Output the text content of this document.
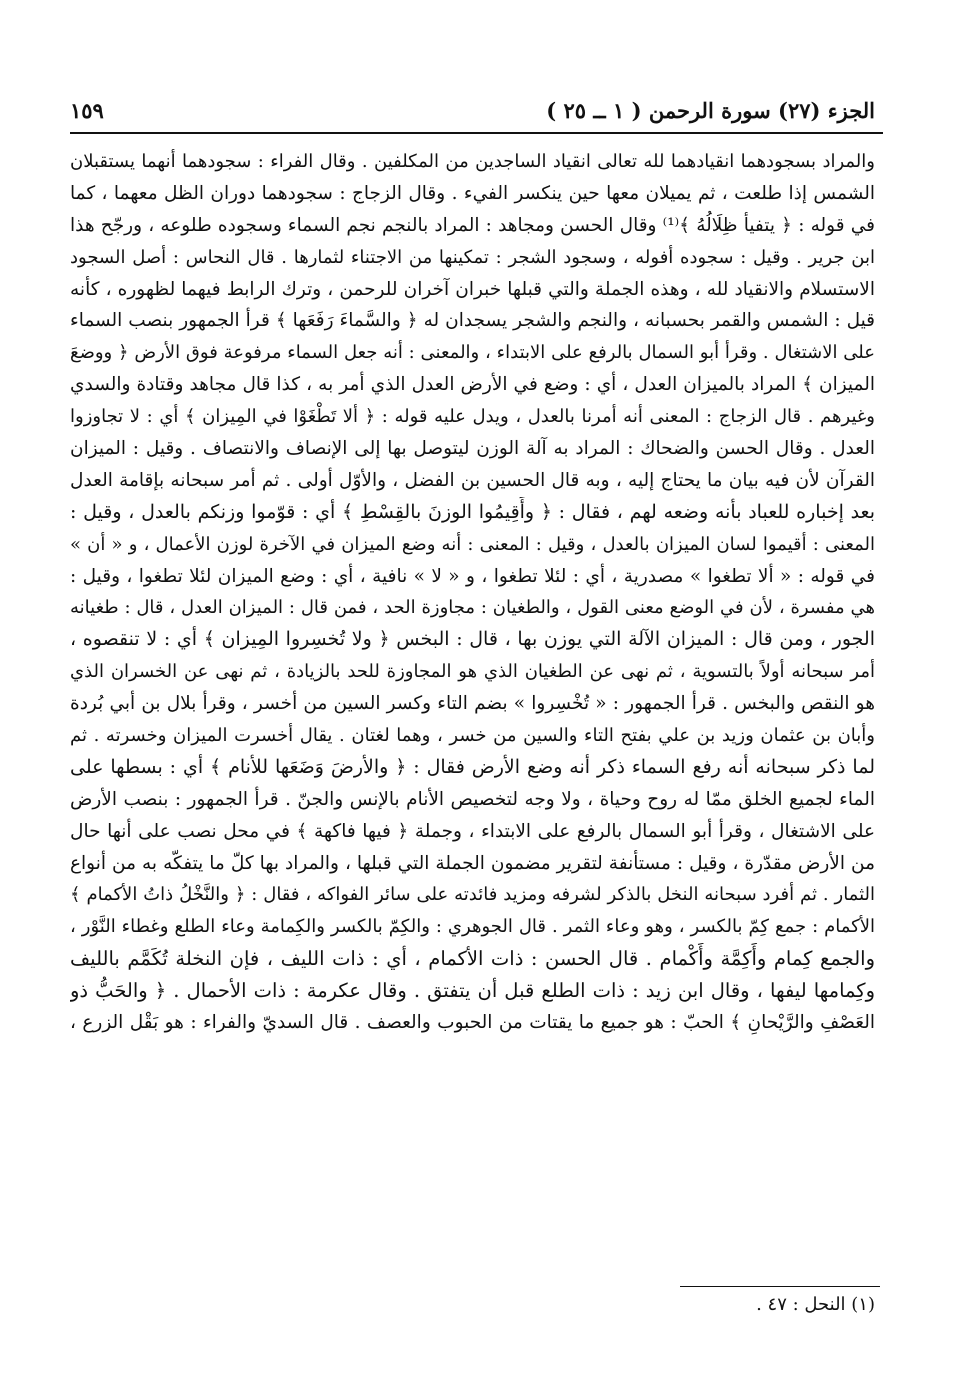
الجزء (٢٧) سورة الرحمن ( ١ ــ ٢٥ )
١٥٩
والمراد بسجودهما انقيادهما لله تعالى انقياد الساجدين من المكلفين . وقال الفراء : سجودهما أنهما يستقبلان
الشمس إذا طلعت ، ثم يميلان معها حين ينكسر الفيء . وقال الزجاج : سجودهما دوران الظل معهما ، كما
في قوله : ﴿ يتفيأ ظِلَالُهُ ﴾⁽¹⁾ وقال الحسن ومجاهد : المراد بالنجم نجم السماء وسجوده طلوعه ، ورجّح هذا
ابن جرير . وقيل : سجوده أفوله ، وسجود الشجر : تمكينها من الاجتناء لثمارها . قال النحاس : أصل السجود
الاستسلام والانقياد لله ، وهذه الجملة والتي قبلها خبران آخران للرحمن ، وترك الرابط فيهما لظهوره ، كأنه
قيل : الشمس والقمر بحسبانه ، والنجم والشجر يسجدان له ﴿ والسَّماءَ رَفَعَها ﴾ قرأ الجمهور بنصب السماء
على الاشتغال . وقرأ أبو السمال بالرفع على الابتداء ، والمعنى : أنه جعل السماء مرفوعة فوق الأرض ﴿ ووضعَ
الميزان ﴾ المراد بالميزان العدل ، أي : وضع في الأرض العدل الذي أمر به ، كذا قال مجاهد وقتادة والسدي
وغيرهم . قال الزجاج : المعنى أنه أمرنا بالعدل ، ويدل عليه قوله : ﴿ ألا تَطْغَوْا في المِيزان ﴾ أي : لا تجاوزوا
العدل . وقال الحسن والضحاك : المراد به آلة الوزن ليتوصل بها إلى الإنصاف والانتصاف . وقيل : الميزان
القرآن لأن فيه بيان ما يحتاج إليه ، وبه قال الحسين بن الفضل ، والأوّل أولى . ثم أمر سبحانه بإقامة العدل
بعد إخباره للعباد بأنه وضعه لهم ، فقال : ﴿ وأَقِيمُوا الوزنَ بالقِسْطِ ﴾ أي : قوّموا وزنكم بالعدل ، وقيل :
المعنى : أقيموا لسان الميزان بالعدل ، وقيل : المعنى : أنه وضع الميزان في الآخرة لوزن الأعمال ، و « أن »
في قوله : « ألا تطغوا » مصدرية ، أي : لئلا تطغوا ، و « لا » نافية ، أي : وضع الميزان لئلا تطغوا ، وقيل :
هي مفسرة ، لأن في الوضع معنى القول ، والطغيان : مجاوزة الحد ، فمن قال : الميزان العدل ، قال : طغيانه
الجور ، ومن قال : الميزان الآلة التي يوزن بها ، قال : البخس ﴿ ولا تُخسِروا المِيزان ﴾ أي : لا تنقصوه ،
أمر سبحانه أولاً بالتسوية ، ثم نهى عن الطغيان الذي هو المجاوزة للحد بالزيادة ، ثم نهى عن الخسران الذي
هو النقص والبخس . قرأ الجمهور : « تُخْسِروا » بضم التاء وكسر السين من أخسر ، وقرأ بلال بن أبي بُردة
وأبان بن عثمان وزيد بن علي بفتح التاء والسين من خسر ، وهما لغتان . يقال أخسرت الميزان وخسرته . ثم
لما ذكر سبحانه أنه رفع السماء ذكر أنه وضع الأرض فقال : ﴿ والأرضَ وَضَعَها للأنام ﴾ أي : بسطها على
الماء لجميع الخلق ممّا له روح وحياة ، ولا وجه لتخصيص الأنام بالإنس والجنّ . قرأ الجمهور : بنصب الأرض
على الاشتغال ، وقرأ أبو السمال بالرفع على الابتداء ، وجملة ﴿ فيها فاكهة ﴾ في محل نصب على أنها حال
من الأرض مقدّرة ، وقيل : مستأنفة لتقرير مضمون الجملة التي قبلها ، والمراد بها كلّ ما يتفكّه به من أنواع
الثمار . ثم أفرد سبحانه النخل بالذكر لشرفه ومزيد فائدته على سائر الفواكه ، فقال : ﴿ والنَّخْلُ ذاتُ الأكمام ﴾
الأكمام : جمع كِمّ بالكسر ، وهو وعاء الثمر . قال الجوهري : والكِمّ بالكسر والكِمامة وعاء الطلع وغطاء النَّوْر ،
والجمع كِمام وأَكِمَّة وأَكْمام . قال الحسن : ذات الأكمام ، أي : ذات الليف ، فإن النخلة تُكَمَّم بالليف
وكِمامها ليفها ، وقال ابن زيد : ذات الطلع قبل أن يتفتق . وقال عكرمة : ذات الأحمال . ﴿ والحَبُّ ذو
العَصْفِ والرَّيْحانِ ﴾ الحبّ : هو جميع ما يقتات من الحبوب والعصف . قال السديّ والفراء : هو بَقْل الزرع ،
(١) النحل : ٤٧ .
